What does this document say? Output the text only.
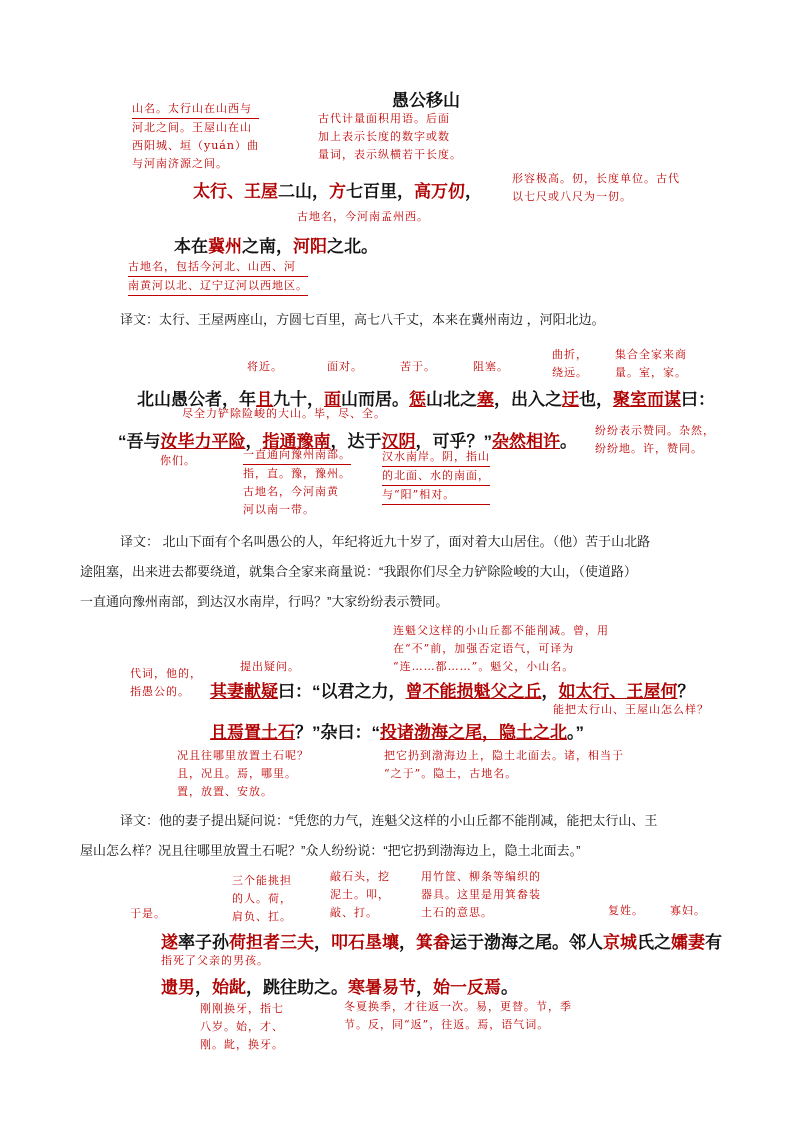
愚公移山
山名。太行山在山西与
河北之间。王屋山在山
西阳城、垣（yuán）曲
与河南济源之间。
古代计量面积用语。后面
加上表示长度的数字或数
量词，表示纵横若干长度。
形容极高。仞，长度单位。古代
以七尺或八尺为一仞。
太行、王屋二山，方七百里，高万仞，
古地名，今河南孟州西。
本在冀州之南，河阳之北。
古地名，包括今河北、山西、河
南黄河以北、辽宁辽河以西地区。
译文：太行、王屋两座山，方圆七百里，高七八千丈，本来在冀州南边 ，河阳北边。
将近。	面对。	苦于。	阻塞。
曲折，
绕远。
集合全家来商
量。室，家。
北山愚公者，年且九十，面山而居。惩山北之塞，出入之迂也，聚室而谋曰：
尽全力铲除险峻的大山。毕，尽、全。
“吾与汝毕力平险，指通豫南，达于汉阴，可乎？”杂然相许。
纷纷表示赞同。杂然，
纷纷地。许，赞同。
你们。	一直通向豫州南部。
指，直。豫，豫州。
古地名，今河南黄
河以南一带。
汉水南岸。阴，指山
的北面、水的南面，
与“阳”相对。
译文： 北山下面有个名叫愚公的人，年纪将近九十岁了，面对着大山居住。（他）苦于山北路
途阻塞，出来进去都要绕道，就集合全家来商量说：“我跟你们尽全力铲除险峻的大山，（使道路）
一直通向豫州南部，到达汉水南岸，行吗？”大家纷纷表示赞同。
连魁父这样的小山丘都不能削减。曾，用
在“不”前，加强否定语气，可译为
“连……都……”。魁父，小山名。
提出疑问。
代词，他的，
指愚公的。	其妻献疑曰：“以君之力，曾不能损魁父之丘，如太行、王屋何？
能把太行山、王屋山怎么样？
且焉置土石？”杂曰：“投诸渤海之尾，隐土之北。”
况且往哪里放置土石呢？
且，况且。焉，哪里。
置，放置、安放。
把它扔到渤海边上，隐土北面去。诸，相当于
“之于”。隐土，古地名。
译文：他的妻子提出疑问说：“凭您的力气，连魁父这样的小山丘都不能削减，能把太行山、王
屋山怎么样？况且往哪里放置土石呢？”众人纷纷说：“把它扔到渤海边上，隐土北面去。”
三个能挑担
的人。荷，
肩负、扛。
敲石头，挖
泥土。叩，
敲、打。
用竹筐、柳条等编织的
器具。这里是用箕畚装
土石的意思。
于是。	复姓。 寡妇。
遂率子孙荷担者三夫，叩石垦壤，箕畚运于渤海之尾。邻人京城氏之孀妻有
指死了父亲的男孩。
遗男，始龀，跳往助之。寒暑易节，始一反焉。
刚刚换牙，指七
八岁。始，才、
刚。龀，换牙。
冬夏换季，才往返一次。易，更替。节，季
节。反，同“返”，往返。焉，语气词。
